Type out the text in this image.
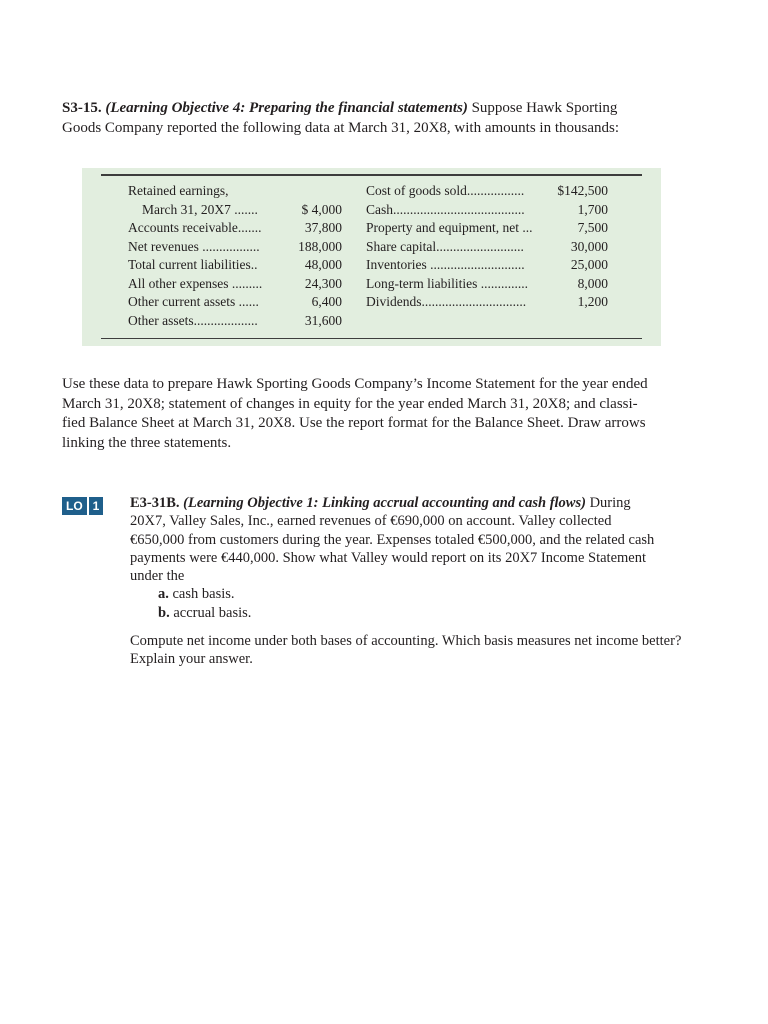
S3-15. (Learning Objective 4: Preparing the financial statements) Suppose Hawk Sporting
Goods Company reported the following data at March 31, 20X8, with amounts in thousands:
Retained earnings,
March 31, 20X7 .......
Accounts receivable.......
Net revenues .................
Total current liabilities..
All other expenses .........
Other current assets ......
Other assets...................
$ 4,000
37,800
188,000
48,000
24,300
6,400
31,600
Cost of goods sold.................
Cash.......................................
Property and equipment, net ...
Share capital..........................
Inventories ............................
Long-term liabilities ..............
Dividends...............................
$142,500
1,700
7,500
30,000
25,000
8,000
1,200
Use these data to prepare Hawk Sporting Goods Company’s Income Statement for the year ended
March 31, 20X8; statement of changes in equity for the year ended March 31, 20X8; and classi-
fied Balance Sheet at March 31, 20X8. Use the report format for the Balance Sheet. Draw arrows
linking the three statements.
LO 1 E3-31B. (Learning Objective 1: Linking accrual accounting and cash flows) During
20X7, Valley Sales, Inc., earned revenues of €690,000 on account. Valley collected
€650,000 from customers during the year. Expenses totaled €500,000, and the related cash
payments were €440,000. Show what Valley would report on its 20X7 Income Statement
under the
a. cash basis.
b. accrual basis.
Compute net income under both bases of accounting. Which basis measures net income better?
Explain your answer.
